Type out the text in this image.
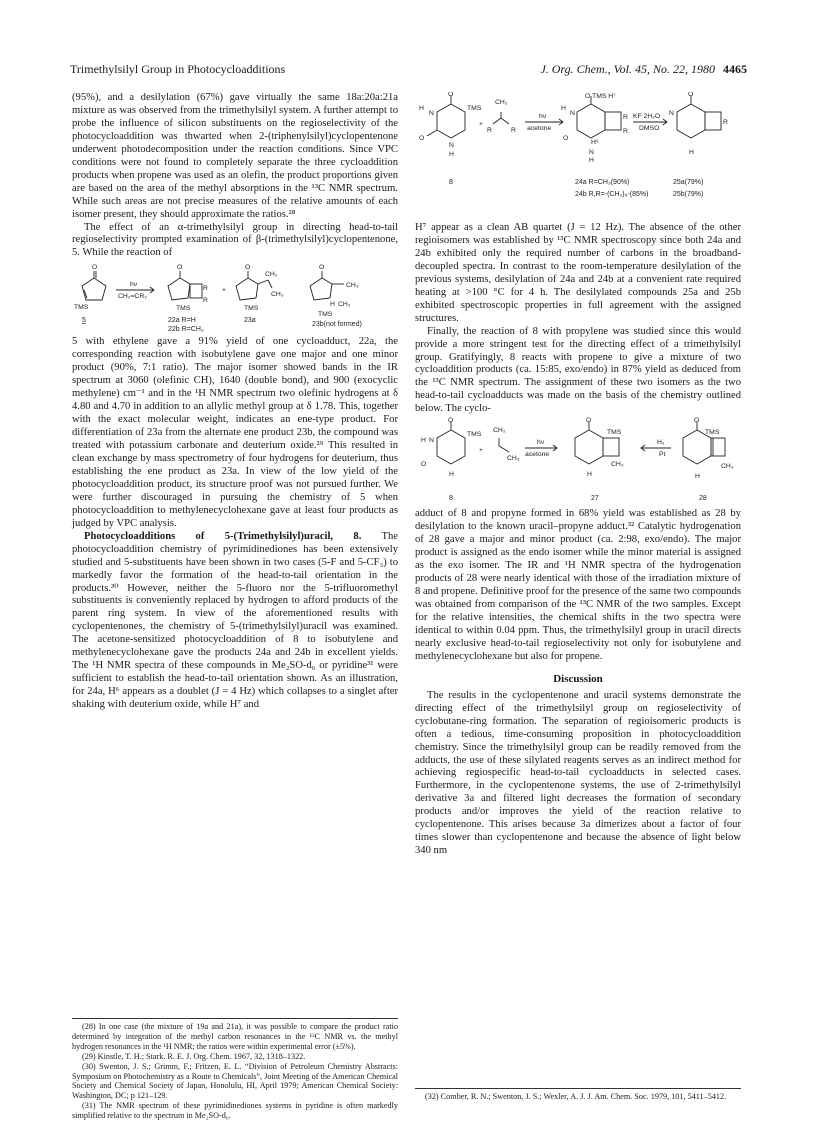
Trimethylsilyl Group in Photocycloadditions	J. Org. Chem., Vol. 45, No. 22, 1980 4465

(95%), and a desilylation (67%) gave virtually the same 18a:20a:21a mixture as was observed from the trimethylsilyl system. A further attempt to probe the influence of silicon substituents on the regioselectivity of the photocycloaddition was thwarted when 2-(triphenylsilyl)cyclopentenone underwent photodecomposition under the reaction conditions. Since VPC conditions were not found to completely separate the three cycloaddition products when propene was used as an olefin, the product proportions given are based on the area of the methyl absorptions in the ¹³C NMR spectrum. While such areas are not precise measures of the relative amounts of each isomer present, they should approximate the ratios.²⁸

The effect of an α-trimethylsilyl group in directing head-to-tail regioselectivity prompted examination of β-(trimethylsilyl)cyclopentenone, 5. While the reaction of

O
TMS
5
hν
CH₂=CR₂
O
R
R
TMS
22a R=H
22b R=CH₃
+
O
CH₂
CH₃
TMS
23a
O
CH₃
H CH₂
TMS
23b(not formed)

5 with ethylene gave a 91% yield of one cycloadduct, 22a, the corresponding reaction with isobutylene gave one major and one minor product (90%, 7:1 ratio). The major isomer showed bands in the IR spectrum at 3060 (olefinic CH), 1640 (double bond), and 900 (exocyclic methylene) cm⁻¹ and in the ¹H NMR spectrum two olefinic hydrogens at δ 4.80 and 4.70 in addition to an allylic methyl group at δ 1.78. This, together with the exact molecular weight, indicates an ene-type product. For differentiation of 23a from the alternate ene product 23b, the compound was treated with potassium carbonate and deuterium oxide.²⁹ This resulted in clean exchange by mass spectrometry of four hydrogens for deuterium, thus establishing the ene product as 23a. In view of the low yield of the photocycloaddition product, its structure proof was not pursued further. We were further discouraged in pursuing the chemistry of 5 when photocycloaddition to methylenecyclohexane gave at least four products as judged by VPC analysis.

Photocycloadditions of 5-(Trimethylsilyl)uracil, 8. The photocycloaddition chemistry of pyrimidinediones has been extensively studied and 5-substituents have been shown in two cases (5-F and 5-CF₃) to markedly favor the formation of the head-to-tail orientation in the products.³⁰ However, neither the 5-fluoro nor the 5-trifluoromethyl substituents is conveniently replaced by hydrogen to afford products of the parent ring system. In view of the aforementioned results with cyclopentenones, the chemistry of 5-(trimethylsilyl)uracil was examined. The acetone-sensitized photocycloaddition of 8 to isobutylene and methylenecyclohexane gave the products 24a and 24b in excellent yields. The ¹H NMR spectra of these compounds in Me₂SO-d₆ or pyridine³¹ were sufficient to establish the head-to-tail orientation shown. As an illustration, for 24a, H⁶ appears as a doublet (J = 4 Hz) which collapses to a singlet after shaking with deuterium oxide, while H⁷ and

(28) In one case (the mixture of 19a and 21a), it was possible to compare the product ratio determined by integration of the methyl carbon resonances in the ¹³C NMR vs. the methyl hydrogen resonances in the ¹H NMR; the ratios were within experimental error (±5%).

(29) Kinstle, T. H.; Stark. R. E. J. Org. Chem. 1967, 32, 1318–1322.

(30) Swenton, J. S.; Grimm, F.; Fritzen, E. L. “Division of Petroleum Chemistry Abstracts: Symposium on Photochemistry as a Route to Chemicals”, Joint Meeting of the American Chemical Society and Chemical Society of Japan, Honolulu, HI, April 1979; American Chemical Society: Washington, DC; p 121–129.

(31) The NMR spectrum of these pyrimidinediones systems in pyridine is often markedly simplified relative to the spectrum in Me₂SO-d₆.

O
H
N
TMS
O
N
H
8
+
CH₂
R	R
hν
acetone
O TMS H⁷
H
N
R
R
H⁶
O
N
H
24a R=CH₃(90%)
24b R,R=-(CH₂)₅-(85%)
KF 2H₂O
DMSO
O
R
N
H
25a(79%)
25b(79%)

H⁷ appear as a clean AB quartet (J = 12 Hz). The absence of the other regioisomers was established by ¹³C NMR spectroscopy since both 24a and 24b exhibited only the required number of carbons in the broadband-decoupled spectra. In contrast to the room-temperature desilylation of the previous systems, desilylation of 24a and 24b at a convenient rate required heating at >100 °C for 4 h. The desilylated compounds 25a and 25b exhibited spectroscopic properties in full agreement with the assigned structures.

Finally, the reaction of 8 with propylene was studied since this would provide a more stringent test for the directing effect of a trimethylsilyl group. Gratifyingly, 8 reacts with propene to give a mixture of two cycloaddition products (ca. 15:85, exo/endo) in 87% yield as deduced from the ¹³C NMR spectrum. The assignment of these two isomers as the two head-to-tail cycloadducts was made on the basis of the chemistry outlined below. The cyclo-

O
TMS
H N
O
H
8
+
CH₂
CH₃
hν
acetone
O
TMS
CH₃
H
27
H₂
Pt
O
TMS
CH₃
H
28

adduct of 8 and propyne formed in 68% yield was established as 28 by desilylation to the known uracil–propyne adduct.³² Catalytic hydrogenation of 28 gave a major and minor product (ca. 2:98, exo/endo). The major product is assigned as the endo isomer while the minor material is assigned as the exo isomer. The IR and ¹H NMR spectra of the hydrogenation products of 28 were nearly identical with those of the irradiation mixture of 8 and propene. Definitive proof for the presence of the same two compounds was obtained from comparison of the ¹³C NMR of the two samples. Except for the relative intensities, the chemical shifts in the two spectra were identical to within 0.04 ppm. Thus, the trimethylsilyl group in uracil directs nearly exclusive head-to-tail regioselectivity not only for isobutylene and methylenecyclohexane but also for propene.

Discussion

The results in the cyclopentenone and uracil systems demonstrate the directing effect of the trimethylsilyl group on regioselectivity of cyclobutane-ring formation. The separation of regioisomeric products is often a tedious, time-consuming proposition in photocycloaddition chemistry. Since the trimethylsilyl group can be readily removed from the adducts, the use of these silylated reagents serves as an indirect method for achieving regiospecific head-to-tail cycloadducts in selected cases. Furthermore, in the cyclopentenone systems, the use of 2-trimethylsilyl derivative 3a and filtered light decreases the formation of secondary products and/or improves the yield of the reaction relative to cyclopentenone. This arises because 3a dimerizes about a factor of four times slower than cyclopentenone and because the absence of light below 340 nm

(32) Comber, R. N.; Swenton, J. S.; Wexler, A. J. J. Am. Chem. Soc. 1979, 101, 5411–5412.
